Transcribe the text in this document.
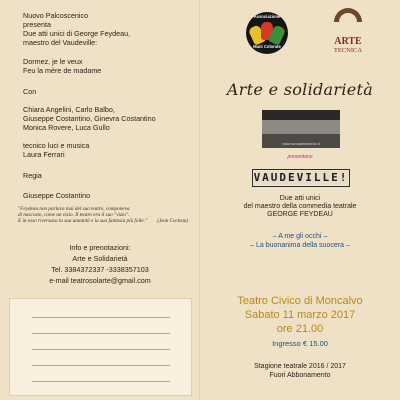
Nuovo Palcoscenico
presenta
Due atti unici di George Feydeau,
maestro del Vaudeville:
Dormez, je le veux
Feu la mère de madame
Con
Chiara Angelini, Carlo Balbo,
Giuseppe Costantino, Ginevra Costantino
Monica Rovere, Luca Gullo
tecnico luci e musica
Laura Ferrari
Regia
Giuseppe Costantino
"Feydeau non parlava mai del suo teatro, componeva
di nascosto, come un vizio. Il teatro era il suo "vizio".
E in esso riversava la sua umanità e la sua fantasia più folle."	(Jean Cocteau)
Info e prenotazioni:
Arte e Solidarietà
Tel. 3384372337 -3338357103
e-mail teatrosolarte@gmail.com
Associazione
Mani Colorate	ARTE
TECNICA
Arte e solidarietà
www.nuovopalcoscenico.it
presentano
VAUDEVILLE!
Due atti unici
del maestro della commedia teatrale
GEORGE FEYDEAU
– A me gli occhi –
– La buonanima della suocera –
Teatro Civico di Moncalvo
Sabato 11 marzo 2017
ore 21.00
Ingresso € 15.00
Stagione teatrale 2016 / 2017
Fuori Abbonamento
